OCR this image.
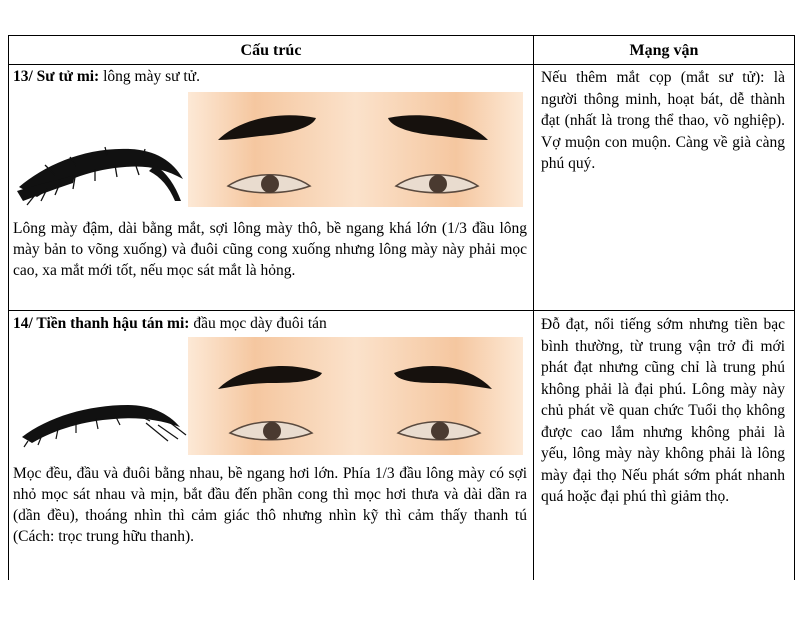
Cấu trúc	Mạng vận
13/ Sư tử mi: lông mày sư tử.
Lông mày đậm, dài bằng mắt, sợi lông mày thô, bề ngang khá lớn (1/3 đầu lông mày bản to võng xuống) và đuôi cũng cong xuống nhưng lông mày này phải mọc cao, xa mắt mới tốt, nếu mọc sát mắt là hỏng.
Nếu thêm mắt cọp (mắt sư tử): là người thông minh, hoạt bát, dễ thành đạt (nhất là trong thể thao, võ nghiệp). Vợ muộn con muộn. Càng về già càng phú quý.
14/ Tiền thanh hậu tán mi: đầu mọc dày đuôi tán
Mọc đều, đầu và đuôi bằng nhau, bề ngang hơi lớn. Phía 1/3 đầu lông mày có sợi nhỏ mọc sát nhau và mịn, bắt đầu đến phần cong thì mọc hơi thưa và dài dần ra (dần đều), thoáng nhìn thì cảm giác thô nhưng nhìn kỹ thì cảm thấy thanh tú (Cách: trọc trung hữu thanh).
Đỗ đạt, nổi tiếng sớm nhưng tiền bạc bình thường, từ trung vận trở đi mới phát đạt nhưng cũng chỉ là trung phú không phải là đại phú. Lông mày này chủ phát về quan chức Tuổi thọ không được cao lắm nhưng không phải là yếu, lông mày này không phải là lông mày đại thọ Nếu phát sớm phát nhanh quá hoặc đại phú thì giảm thọ.
